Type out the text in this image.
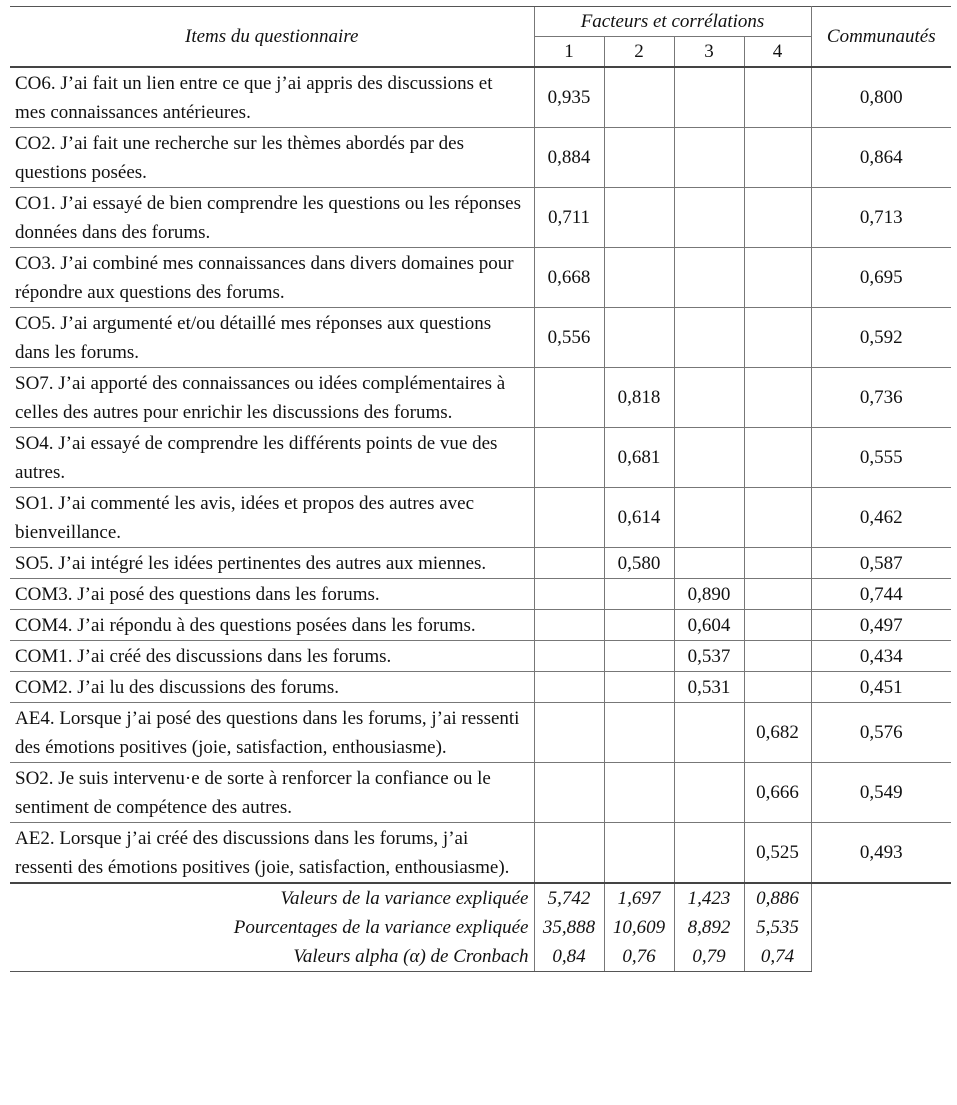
Items du questionnaire	Facteurs et corrélations				Communautés
	1	2	3	4	
CO6. J’ai fait un lien entre ce que j’ai appris des discussions et mes connaissances antérieures.	0,935				0,800
CO2. J’ai fait une recherche sur les thèmes abordés par des questions posées.	0,884				0,864
CO1. J’ai essayé de bien comprendre les questions ou les réponses données dans des forums.	0,711				0,713
CO3. J’ai combiné mes connaissances dans divers domaines pour répondre aux questions des forums.	0,668				0,695
CO5. J’ai argumenté et/ou détaillé mes réponses aux questions dans les forums.	0,556				0,592
SO7. J’ai apporté des connaissances ou idées complémentaires à celles des autres pour enrichir les discussions des forums.		0,818			0,736
SO4. J’ai essayé de comprendre les différents points de vue des autres.		0,681			0,555
SO1. J’ai commenté les avis, idées et propos des autres avec bienveillance.		0,614			0,462
SO5. J’ai intégré les idées pertinentes des autres aux miennes.		0,580			0,587
COM3. J’ai posé des questions dans les forums.			0,890		0,744
COM4. J’ai répondu à des questions posées dans les forums.			0,604		0,497
COM1. J’ai créé des discussions dans les forums.			0,537		0,434
COM2. J’ai lu des discussions des forums.			0,531		0,451
AE4. Lorsque j’ai posé des questions dans les forums, j’ai ressenti des émotions positives (joie, satisfaction, enthousiasme).				0,682	0,576
SO2. Je suis intervenu·e de sorte à renforcer la confiance ou le sentiment de compétence des autres.				0,666	0,549
AE2. Lorsque j’ai créé des discussions dans les forums, j’ai ressenti des émotions positives (joie, satisfaction, enthousiasme).				0,525	0,493
Valeurs de la variance expliquée	5,742	1,697	1,423	0,886	
Pourcentages de la variance expliquée	35,888	10,609	8,892	5,535	
Valeurs alpha (α) de Cronbach	0,84	0,76	0,79	0,74	
